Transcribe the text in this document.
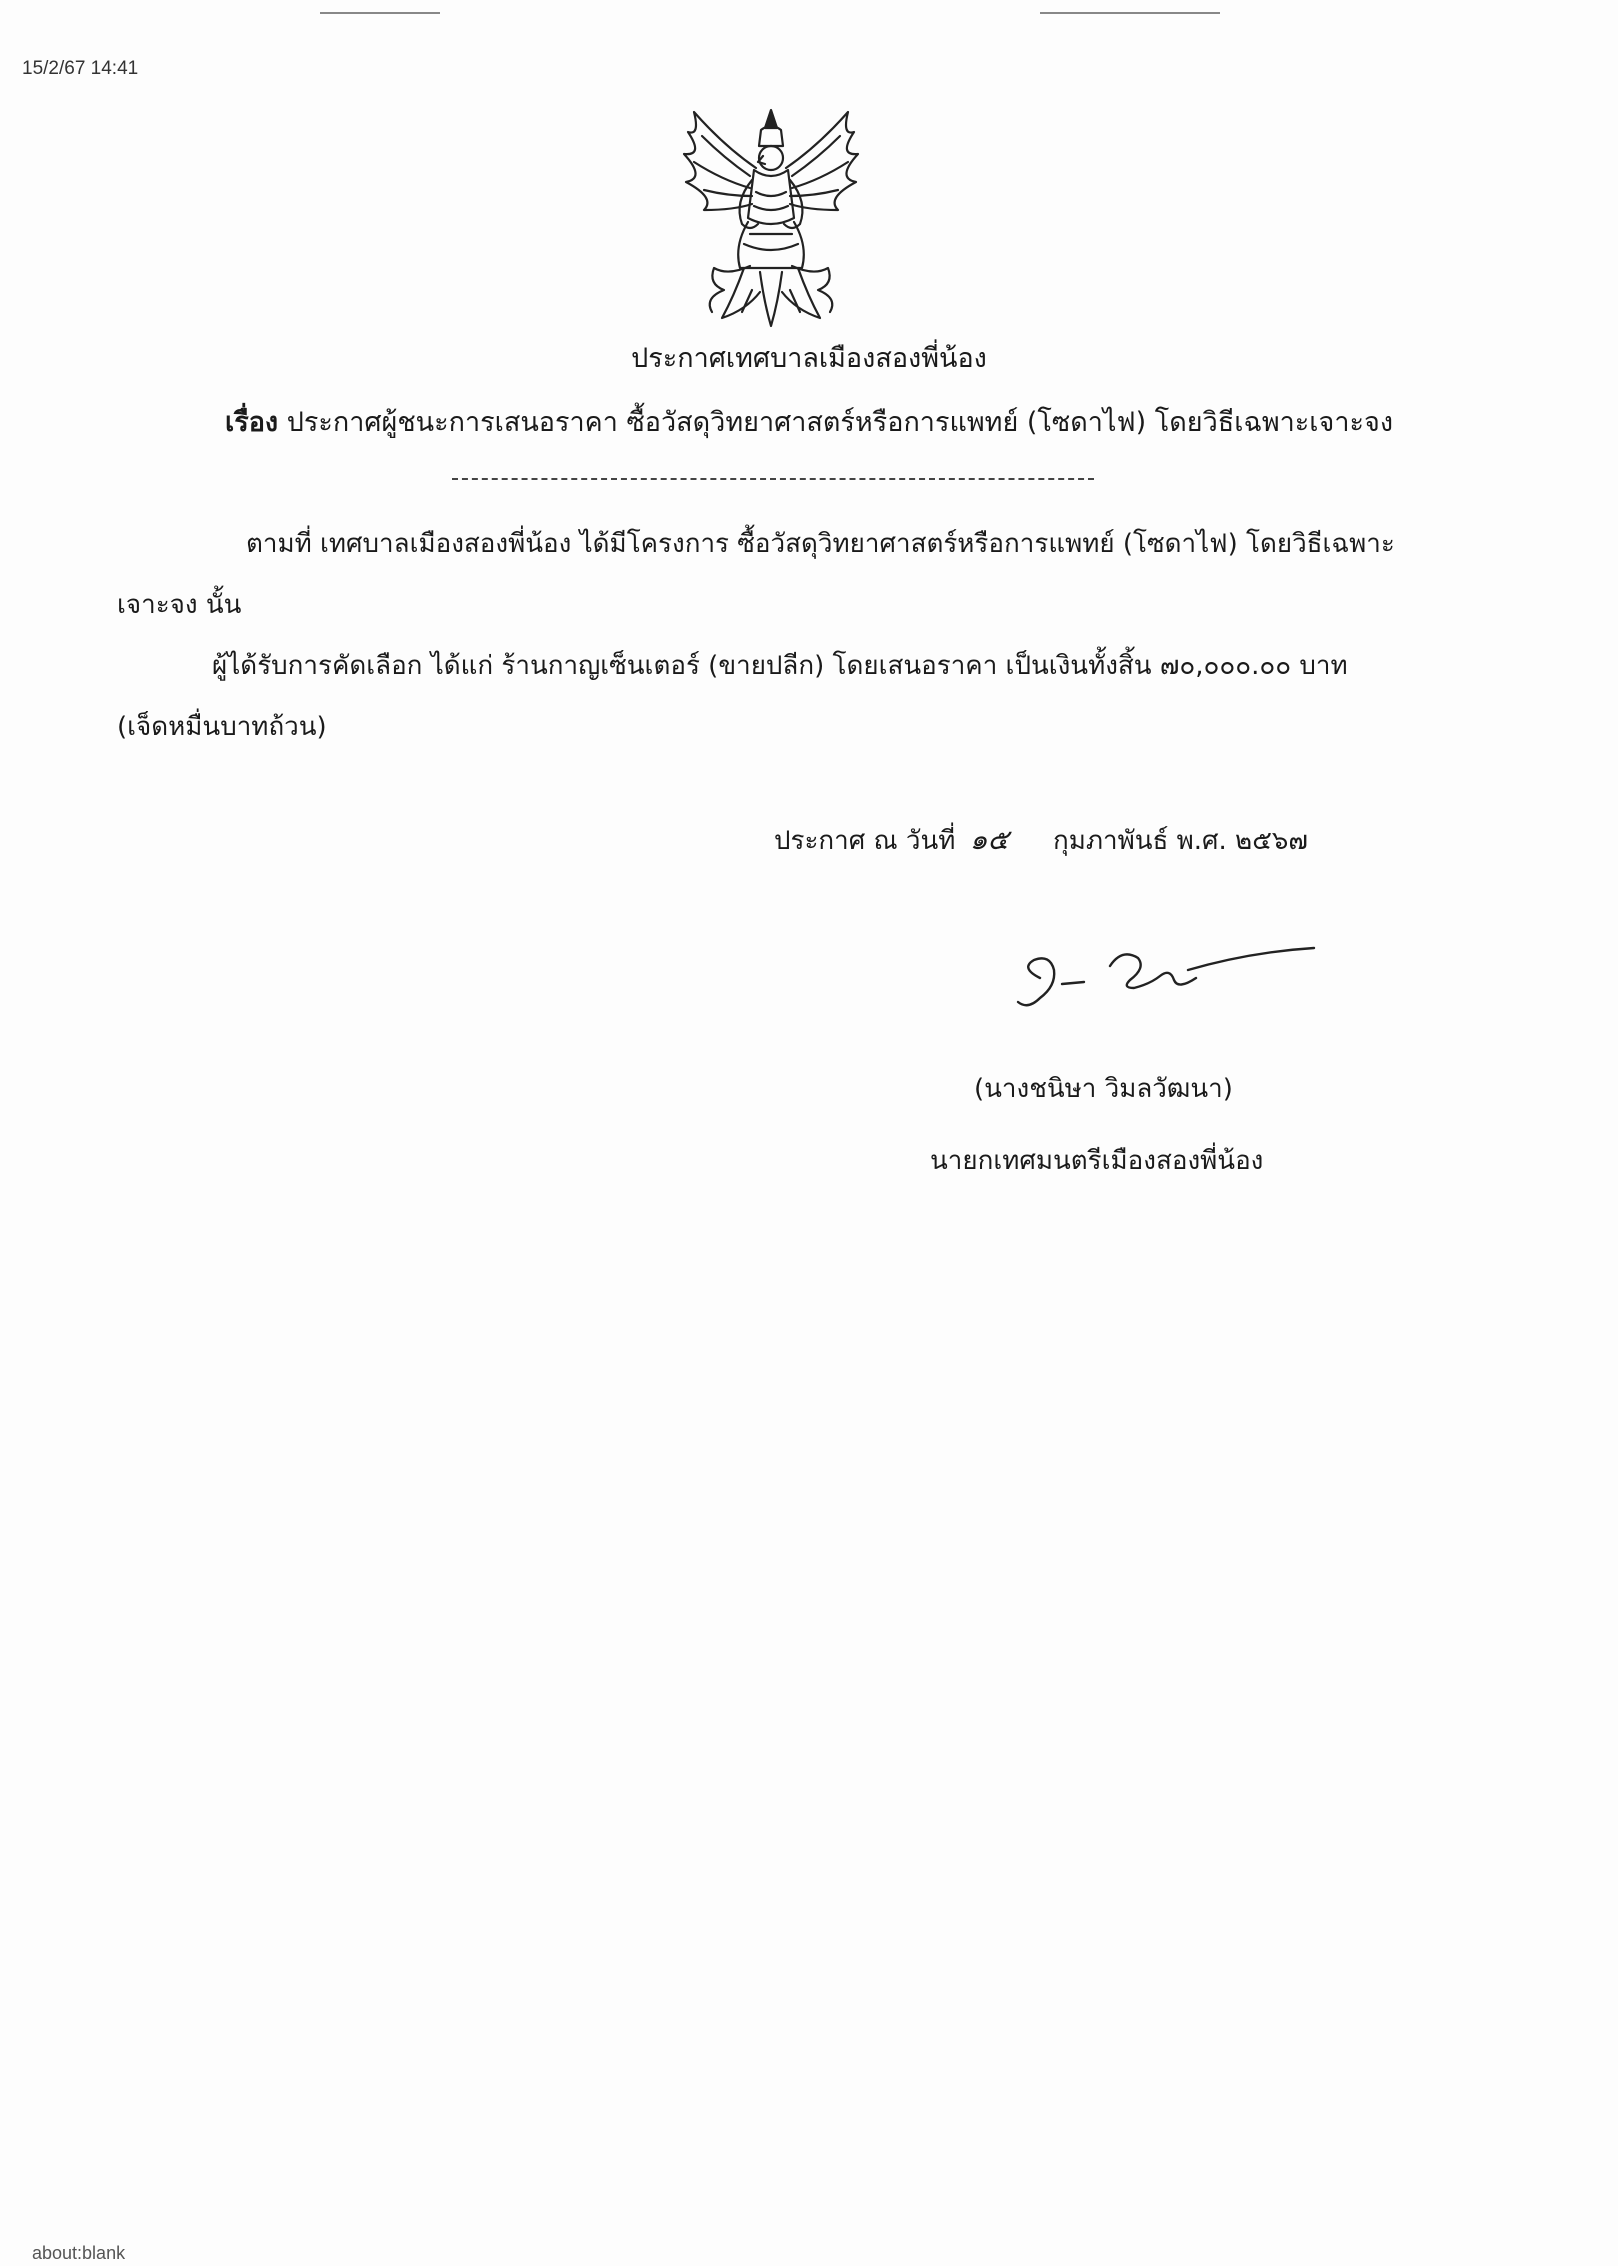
15/2/67 14:41
ประกาศเทศบาลเมืองสองพี่น้อง
เรื่อง ประกาศผู้ชนะการเสนอราคา ซื้อวัสดุวิทยาศาสตร์หรือการแพทย์ (โซดาไฟ) โดยวิธีเฉพาะเจาะจง
ตามที่ เทศบาลเมืองสองพี่น้อง ได้มีโครงการ ซื้อวัสดุวิทยาศาสตร์หรือการแพทย์ (โซดาไฟ) โดยวิธีเฉพาะ
เจาะจง นั้น
ผู้ได้รับการคัดเลือก ได้แก่ ร้านกาญเซ็นเตอร์ (ขายปลีก) โดยเสนอราคา เป็นเงินทั้งสิ้น ๗๐,๐๐๐.๐๐ บาท
(เจ็ดหมื่นบาทถ้วน)
ประกาศ ณ วันที่ ๑๕ กุมภาพันธ์ พ.ศ. ๒๕๖๗
(นางชนิษา วิมลวัฒนา)
นายกเทศมนตรีเมืองสองพี่น้อง
about:blank
